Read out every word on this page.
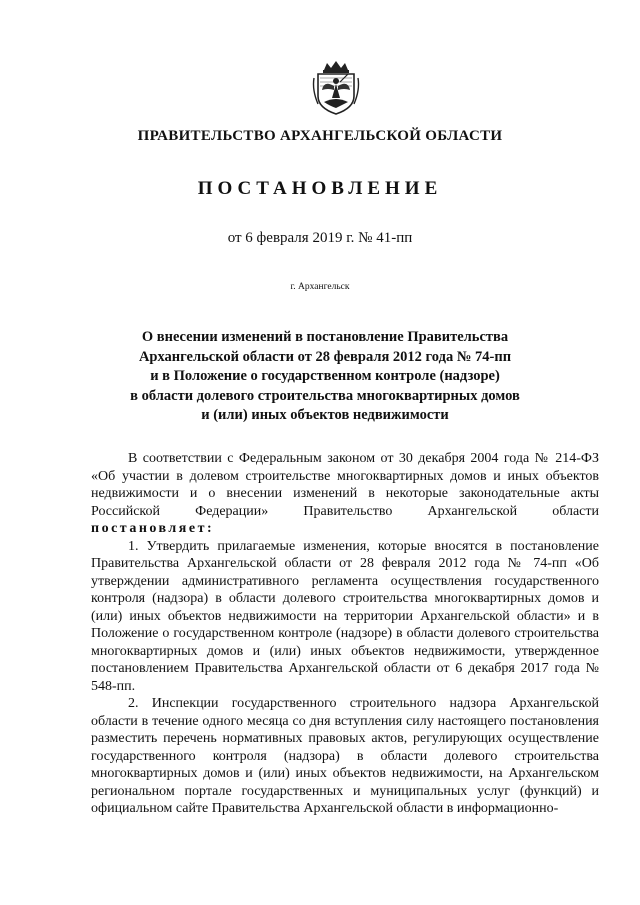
ПРАВИТЕЛЬСТВО АРХАНГЕЛЬСКОЙ ОБЛАСТИ
ПОСТАНОВЛЕНИЕ
от 6 февраля 2019 г. № 41-пп
г. Архангельск
О внесении изменений в постановление Правительства
Архангельской области от 28 февраля 2012 года № 74-пп
и в Положение о государственном контроле (надзоре)
в области долевого строительства многоквартирных домов
и (или) иных объектов недвижимости

В соответствии с Федеральным законом от 30 декабря 2004 года № 214-ФЗ «Об участии в долевом строительстве многоквартирных домов и иных объектов недвижимости и о внесении изменений в некоторые законодательные акты Российской Федерации» Правительство Архангельской области постановляет:

1. Утвердить прилагаемые изменения, которые вносятся в постановление Правительства Архангельской области от 28 февраля 2012 года № 74-пп «Об утверждении административного регламента осуществления государственного контроля (надзора) в области долевого строительства многоквартирных домов и (или) иных объектов недвижимости на территории Архангельской области» и в Положение о государственном контроле (надзоре) в области долевого строительства многоквартирных домов и (или) иных объектов недвижимости, утвержденное постановлением Правительства Архангельской области от 6 декабря 2017 года № 548-пп.

2. Инспекции государственного строительного надзора Архангельской области в течение одного месяца со дня вступления силу настоящего постановления разместить перечень нормативных правовых актов, регулирующих осуществление государственного контроля (надзора) в области долевого строительства многоквартирных домов и (или) иных объектов недвижимости, на Архангельском региональном портале государственных и муниципальных услуг (функций) и официальном сайте Правительства Архангельской области в информационно-
